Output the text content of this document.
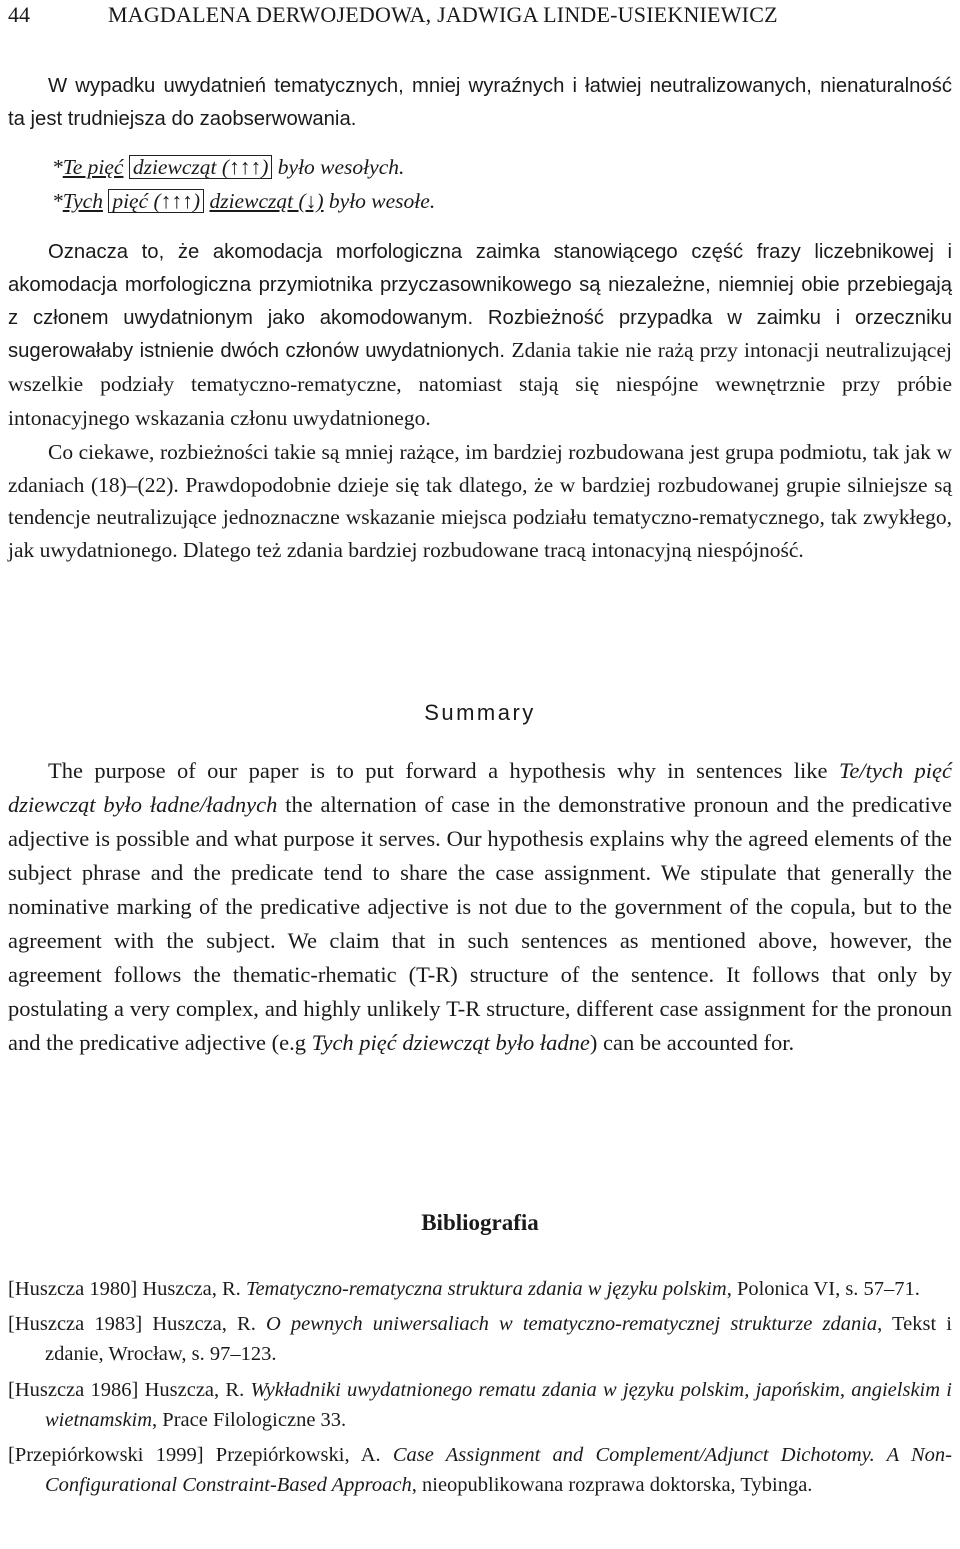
44	MAGDALENA DERWOJEDOWA, JADWIGA LINDE-USIEKNIEWICZ

W wypadku uwydatnień tematycznych, mniej wyraźnych i łatwiej neutralizowanych, nienaturalność ta jest trudniejsza do zaobserwowania.

*Te pięć dziewcząt (↑↑↑) było wesołych.
*Tych pięć (↑↑↑) dziewcząt (↓) było wesołe.

Oznacza to, że akomodacja morfologiczna zaimka stanowiącego część frazy liczebnikowej i akomodacja morfologiczna przymiotnika przyczasownikowego są niezależne, niemniej obie przebiegają z członem uwydatnionym jako akomodowanym. Rozbieżność przypadka w zaimku i orzeczniku sugerowałaby istnienie dwóch członów uwydatnionych. Zdania takie nie rażą przy intonacji neutralizującej wszelkie podziały tematyczno-rematyczne, natomiast stają się niespójne wewnętrznie przy próbie intonacyjnego wskazania członu uwydatnionego.

Co ciekawe, rozbieżności takie są mniej rażące, im bardziej rozbudowana jest grupa podmiotu, tak jak w zdaniach (18)–(22). Prawdopodobnie dzieje się tak dlatego, że w bardziej rozbudowanej grupie silniejsze są tendencje neutralizujące jednoznaczne wskazanie miejsca podziału tematyczno-rematycznego, tak zwykłego, jak uwydatnionego. Dlatego też zdania bardziej rozbudowane tracą intonacyjną niespójność.

Summary

The purpose of our paper is to put forward a hypothesis why in sentences like Te/tych pięć dziewcząt było ładne/ładnych the alternation of case in the demonstrative pronoun and the predicative adjective is possible and what purpose it serves. Our hypothesis explains why the agreed elements of the subject phrase and the predicate tend to share the case assignment. We stipulate that generally the nominative marking of the predicative adjective is not due to the government of the copula, but to the agreement with the subject. We claim that in such sentences as mentioned above, however, the agreement follows the thematic-rhematic (T-R) structure of the sentence. It follows that only by postulating a very complex, and highly unlikely T-R structure, different case assignment for the pronoun and the predicative adjective (e.g Tych pięć dziewcząt było ładne) can be accounted for.

Bibliografia

[Huszcza 1980] Huszcza, R. Tematyczno-rematyczna struktura zdania w języku polskim, Polonica VI, s. 57–71.

[Huszcza 1983] Huszcza, R. O pewnych uniwersaliach w tematyczno-rematycznej strukturze zdania, Tekst i zdanie, Wrocław, s. 97–123.

[Huszcza 1986] Huszcza, R. Wykładniki uwydatnionego rematu zdania w języku polskim, japońskim, angielskim i wietnamskim, Prace Filologiczne 33.

[Przepiórkowski 1999] Przepiórkowski, A. Case Assignment and Complement/Adjunct Dichotomy. A Non-Configurational Constraint-Based Approach, nieopublikowana rozprawa doktorska, Tybinga.
